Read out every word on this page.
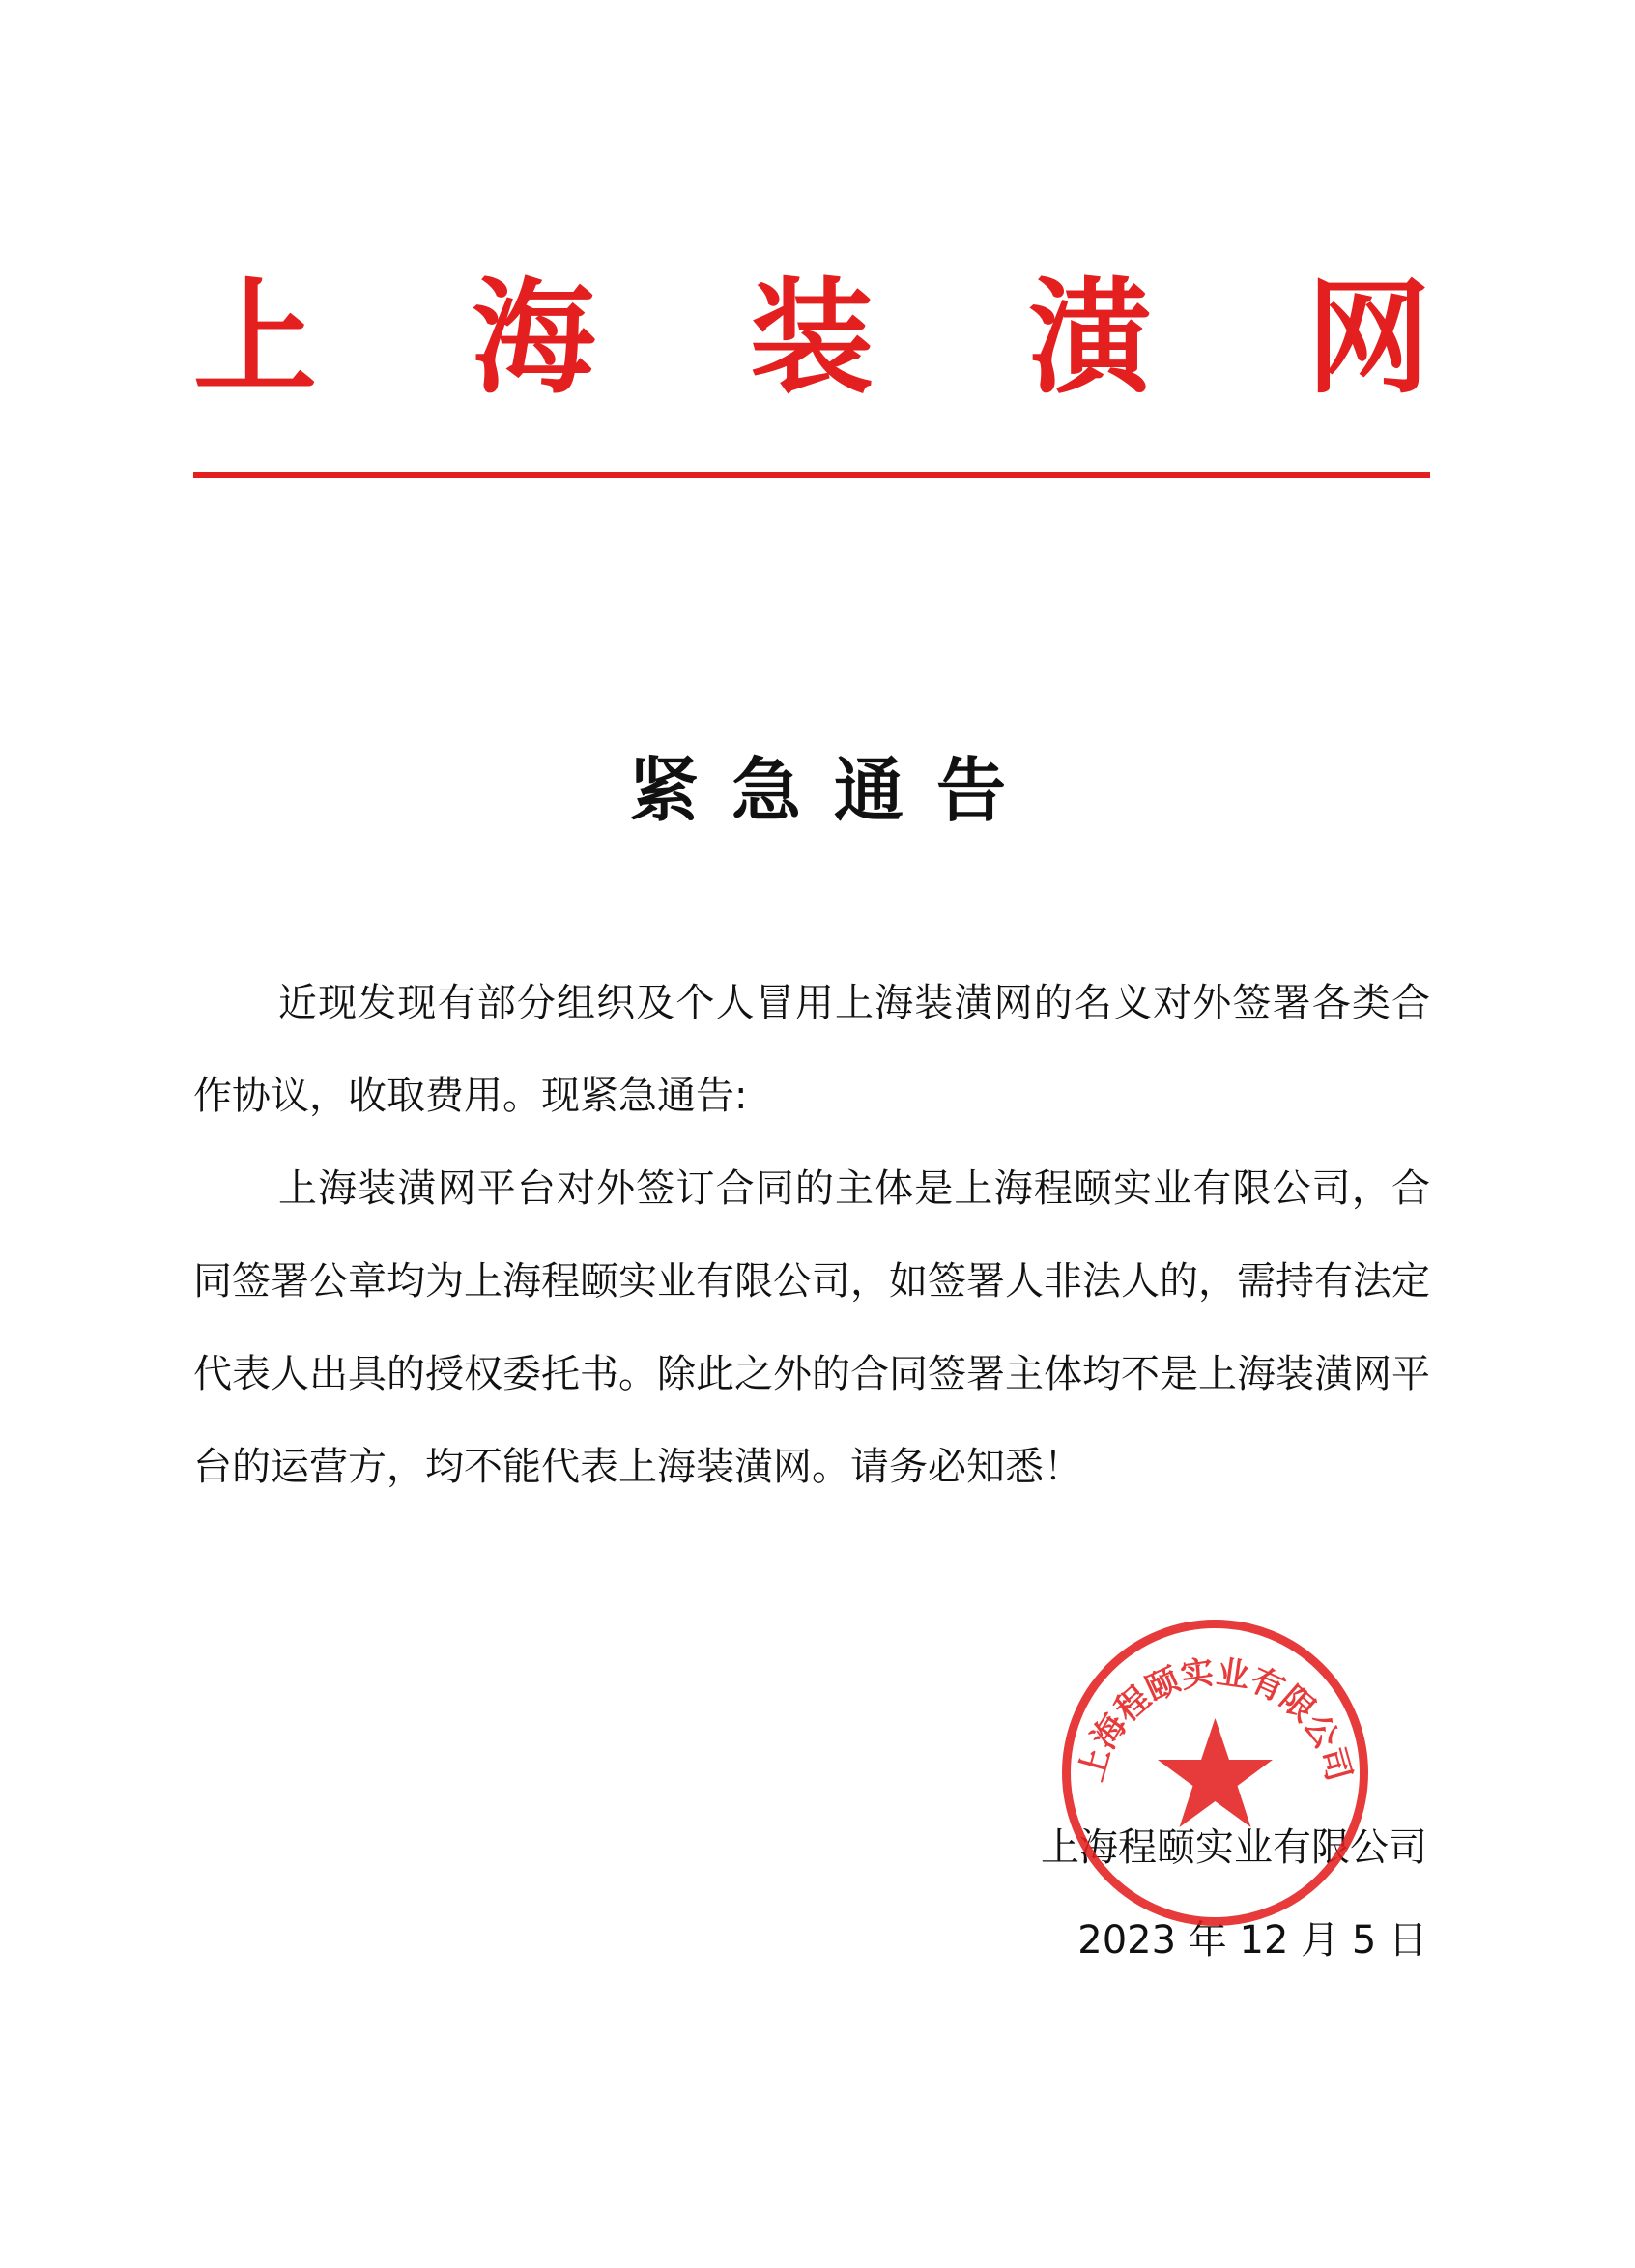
上 海 装 潢 网
紧急通告

近现发现有部分组织及个人冒用上海装潢网的名义对外签署各类合作协议，收取费用。现紧急通告:

上海装潢网平台对外签订合同的主体是上海程颐实业有限公司，合同签署公章均为上海程颐实业有限公司，如签署人非法人的，需持有法定代表人出具的授权委托书。除此之外的合同签署主体均不是上海装潢网平台的运营方，均不能代表上海装潢网。请务必知悉！

上海程颐实业有限公司
2023 年 12 月 5 日
上海程颐实业有限公司
